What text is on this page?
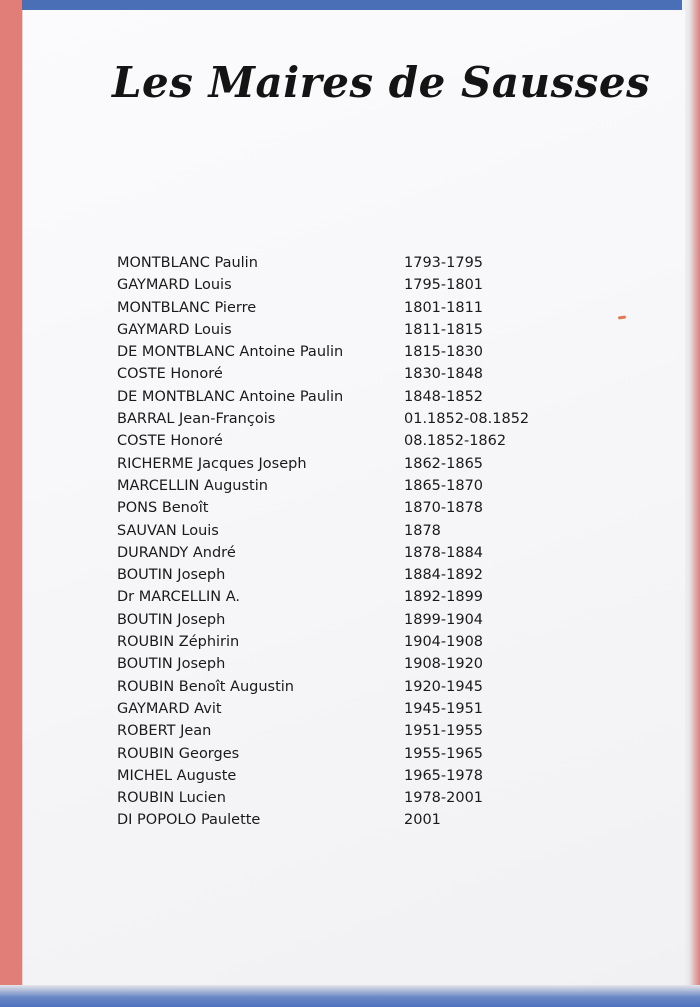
Les Maires de Sausses
MONTBLANC Paulin	1793-1795
GAYMARD Louis	1795-1801
MONTBLANC Pierre	1801-1811
GAYMARD Louis	1811-1815
DE MONTBLANC Antoine Paulin	1815-1830
COSTE Honoré	1830-1848
DE MONTBLANC Antoine Paulin	1848-1852
BARRAL Jean-François	01.1852-08.1852
COSTE Honoré	08.1852-1862
RICHERME Jacques Joseph	1862-1865
MARCELLIN Augustin	1865-1870
PONS Benoît	1870-1878
SAUVAN Louis	1878
DURANDY André	1878-1884
BOUTIN Joseph	1884-1892
Dr MARCELLIN A.	1892-1899
BOUTIN Joseph	1899-1904
ROUBIN Zéphirin	1904-1908
BOUTIN Joseph	1908-1920
ROUBIN Benoît Augustin	1920-1945
GAYMARD Avit	1945-1951
ROBERT Jean	1951-1955
ROUBIN Georges	1955-1965
MICHEL Auguste	1965-1978
ROUBIN Lucien	1978-2001
DI POPOLO Paulette	2001
